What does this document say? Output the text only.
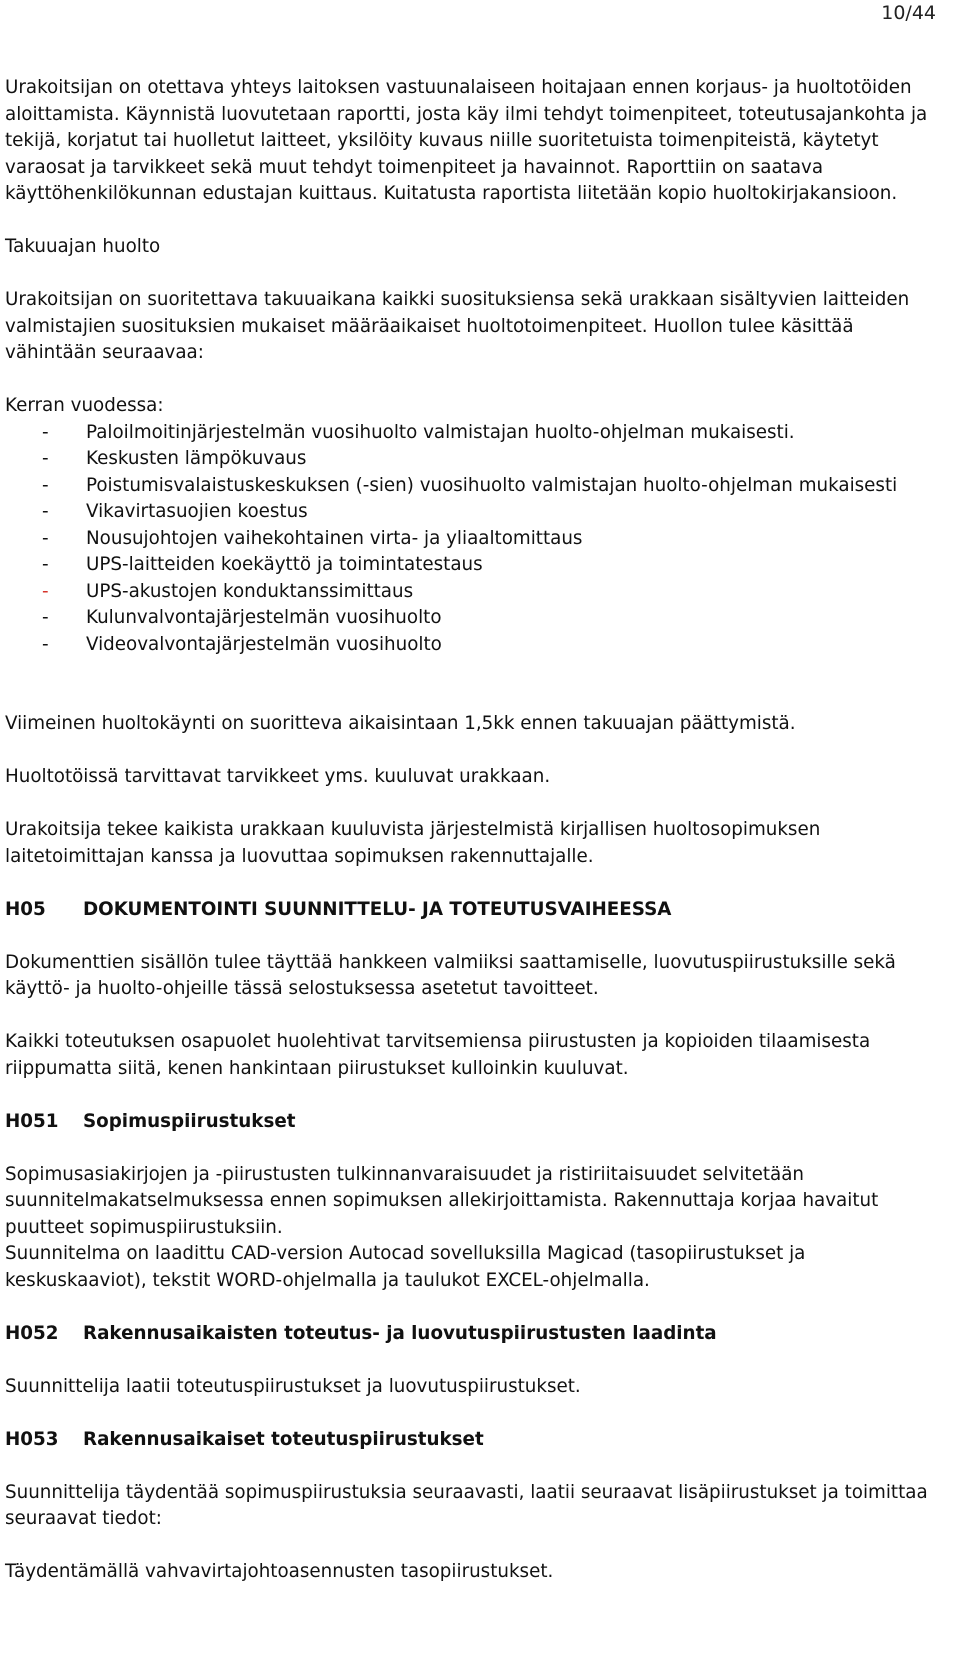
10/44

Urakoitsijan on otettava yhteys laitoksen vastuunalaiseen hoitajaan ennen korjaus- ja huoltotöiden aloittamista. Käynnistä luovutetaan raportti, josta käy ilmi tehdyt toimenpiteet, toteutusajankohta ja tekijä, korjatut tai huolletut laitteet, yksilöity kuvaus niille suoritetuista toimenpiteistä, käytetyt varaosat ja tarvikkeet sekä muut tehdyt toimenpiteet ja havainnot. Raporttiin on saatava käyttöhenkilökunnan edustajan kuittaus. Kuitatusta raportista liitetään kopio huoltokirjakansioon.

Takuuajan huolto

Urakoitsijan on suoritettava takuuaikana kaikki suosituksiensa sekä urakkaan sisältyvien laitteiden valmistajien suosituksien mukaiset määräaikaiset huoltotoimenpiteet. Huollon tulee käsittää vähintään seuraavaa:

Kerran vuodessa:

- Paloilmoitinjärjestelmän vuosihuolto valmistajan huolto-ohjelman mukaisesti.
- Keskusten lämpökuvaus
- Poistumisvalaistuskeskuksen (-sien) vuosihuolto valmistajan huolto-ohjelman mukaisesti
- Vikavirtasuojien koestus
- Nousujohtojen vaihekohtainen virta- ja yliaaltomittaus
- UPS-laitteiden koekäyttö ja toimintatestaus
- UPS-akustojen konduktanssimittaus
- Kulunvalvontajärjestelmän vuosihuolto
- Videovalvontajärjestelmän vuosihuolto

Viimeinen huoltokäynti on suoritteva aikaisintaan 1,5kk ennen takuuajan päättymistä.

Huoltotöissä tarvittavat tarvikkeet yms. kuuluvat urakkaan.

Urakoitsija tekee kaikista urakkaan kuuluvista järjestelmistä kirjallisen huoltosopimuksen laitetoimittajan kanssa ja luovuttaa sopimuksen rakennuttajalle.

H05	DOKUMENTOINTI SUUNNITTELU- JA TOTEUTUSVAIHEESSA

Dokumenttien sisällön tulee täyttää hankkeen valmiiksi saattamiselle, luovutuspiirustuksille sekä käyttö- ja huolto-ohjeille tässä selostuksessa asetetut tavoitteet.

Kaikki toteutuksen osapuolet huolehtivat tarvitsemiensa piirustusten ja kopioiden tilaamisesta riippumatta siitä, kenen hankintaan piirustukset kulloinkin kuuluvat.

H051	Sopimuspiirustukset

Sopimusasiakirjojen ja -piirustusten tulkinnanvaraisuudet ja ristiriitaisuudet selvitetään suunnitelmakatselmuksessa ennen sopimuksen allekirjoittamista. Rakennuttaja korjaa havaitut puutteet sopimuspiirustuksiin.

Suunnitelma on laadittu CAD-version Autocad sovelluksilla Magicad (tasopiirustukset ja keskuskaaviot), tekstit WORD-ohjelmalla ja taulukot EXCEL-ohjelmalla.

H052	Rakennusaikaisten toteutus- ja luovutuspiirustusten laadinta

Suunnittelija laatii toteutuspiirustukset ja luovutuspiirustukset.

H053	Rakennusaikaiset toteutuspiirustukset

Suunnittelija täydentää sopimuspiirustuksia seuraavasti, laatii seuraavat lisäpiirustukset ja toimittaa seuraavat tiedot:

Täydentämällä vahvavirtajohtoasennusten tasopiirustukset.
